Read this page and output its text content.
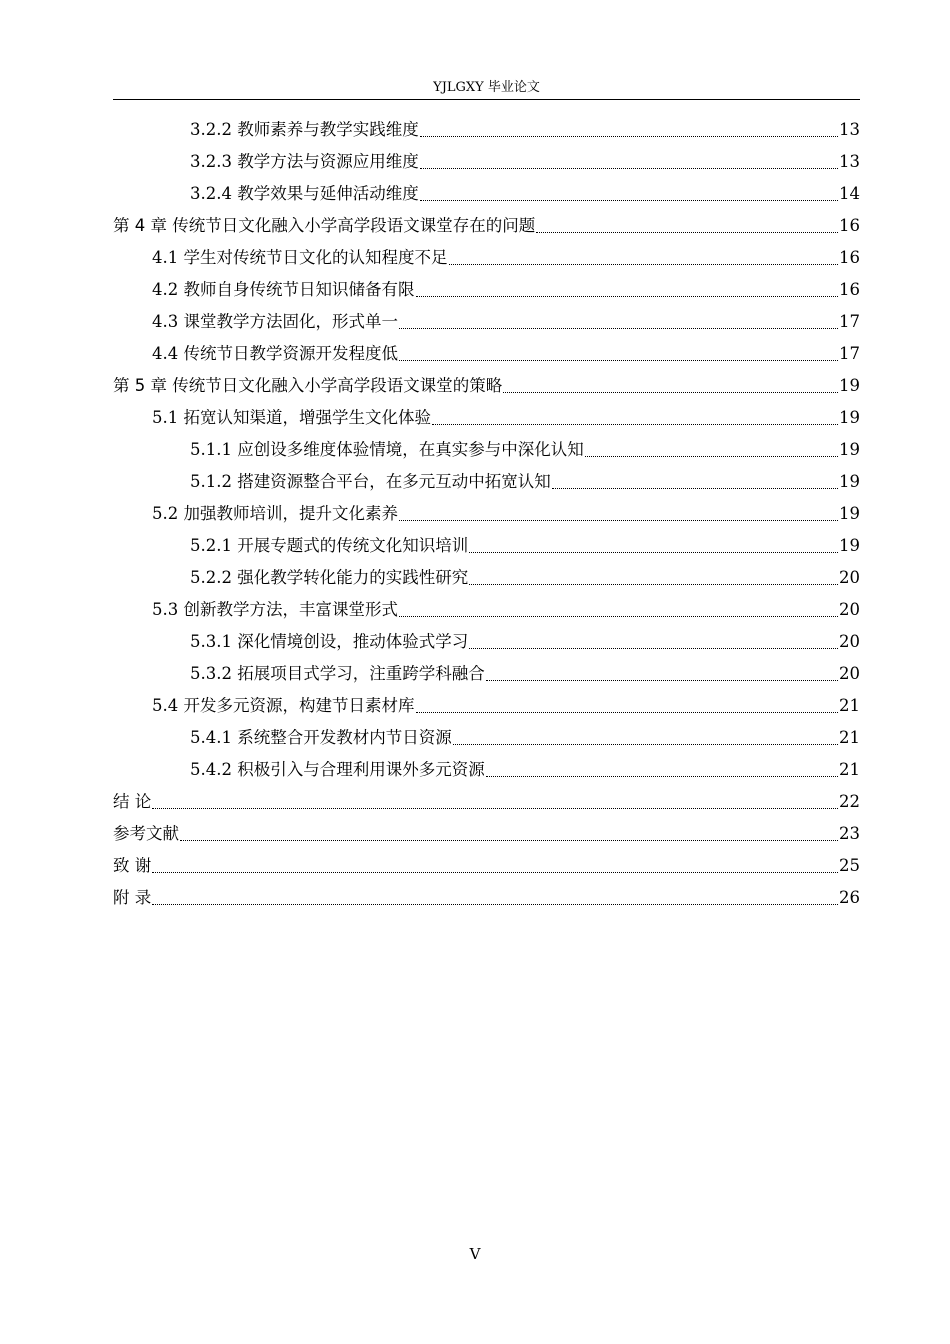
YJLGXY 毕业论文
3.2.2 教师素养与教学实践维度	13
3.2.3 教学方法与资源应用维度	13
3.2.4 教学效果与延伸活动维度	14
第 4 章 传统节日文化融入小学高学段语文课堂存在的问题	16
4.1 学生对传统节日文化的认知程度不足	16
4.2 教师自身传统节日知识储备有限	16
4.3 课堂教学方法固化，形式单一	17
4.4 传统节日教学资源开发程度低	17
第 5 章 传统节日文化融入小学高学段语文课堂的策略	19
5.1 拓宽认知渠道，增强学生文化体验	19
5.1.1 应创设多维度体验情境，在真实参与中深化认知	19
5.1.2 搭建资源整合平台，在多元互动中拓宽认知	19
5.2 加强教师培训，提升文化素养	19
5.2.1 开展专题式的传统文化知识培训	19
5.2.2 强化教学转化能力的实践性研究	20
5.3 创新教学方法，丰富课堂形式	20
5.3.1 深化情境创设，推动体验式学习	20
5.3.2 拓展项目式学习，注重跨学科融合	20
5.4 开发多元资源，构建节日素材库	21
5.4.1 系统整合开发教材内节日资源	21
5.4.2 积极引入与合理利用课外多元资源	21
结 论	22
参考文献	23
致 谢	25
附 录	26
V
